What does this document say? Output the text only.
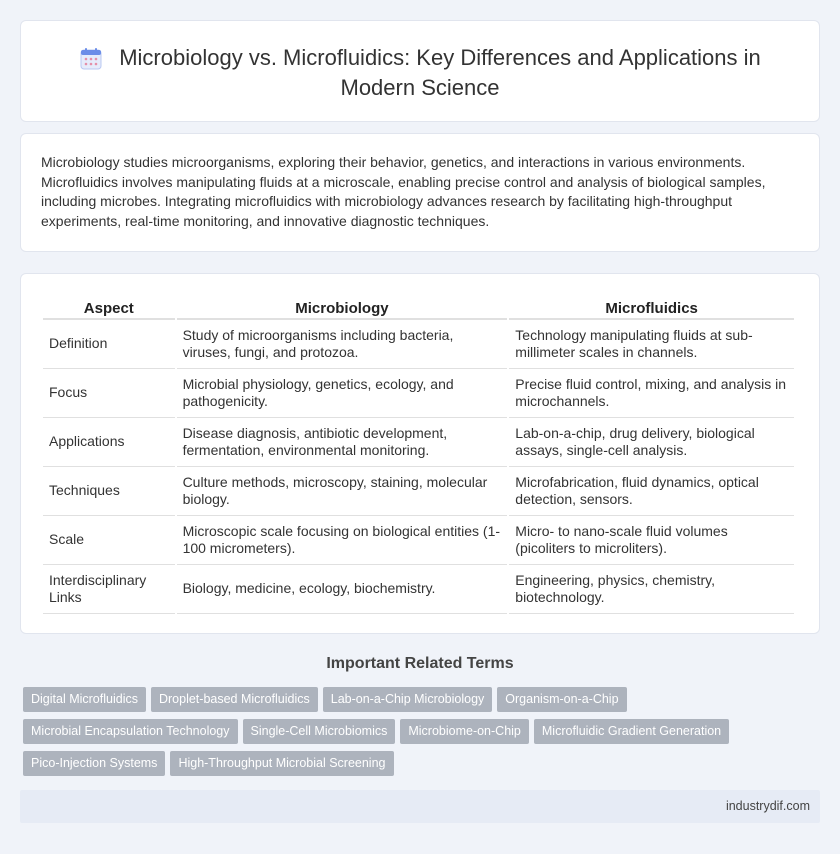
Microbiology vs. Microfluidics: Key Differences and Applications in Modern Science

Microbiology studies microorganisms, exploring their behavior, genetics, and interactions in various environments. Microfluidics involves manipulating fluids at a microscale, enabling precise control and analysis of biological samples, including microbes. Integrating microfluidics with microbiology advances research by facilitating high-throughput experiments, real-time monitoring, and innovative diagnostic techniques.

Aspect	Microbiology	Microfluidics
Definition	Study of microorganisms including bacteria, viruses, fungi, and protozoa.	Technology manipulating fluids at sub-millimeter scales in channels.
Focus	Microbial physiology, genetics, ecology, and pathogenicity.	Precise fluid control, mixing, and analysis in microchannels.
Applications	Disease diagnosis, antibiotic development, fermentation, environmental monitoring.	Lab-on-a-chip, drug delivery, biological assays, single-cell analysis.
Techniques	Culture methods, microscopy, staining, molecular biology.	Microfabrication, fluid dynamics, optical detection, sensors.
Scale	Microscopic scale focusing on biological entities (1-100 micrometers).	Micro- to nano-scale fluid volumes (picoliters to microliters).
Interdisciplinary Links	Biology, medicine, ecology, biochemistry.	Engineering, physics, chemistry, biotechnology.
Important Related Terms
Digital Microfluidics Droplet-based Microfluidics Lab-on-a-Chip Microbiology Organism-on-a-Chip
Microbial Encapsulation Technology Single-Cell Microbiomics Microbiome-on-Chip Microfluidic Gradient Generation
Pico-Injection Systems High-Throughput Microbial Screening
industrydif.com
